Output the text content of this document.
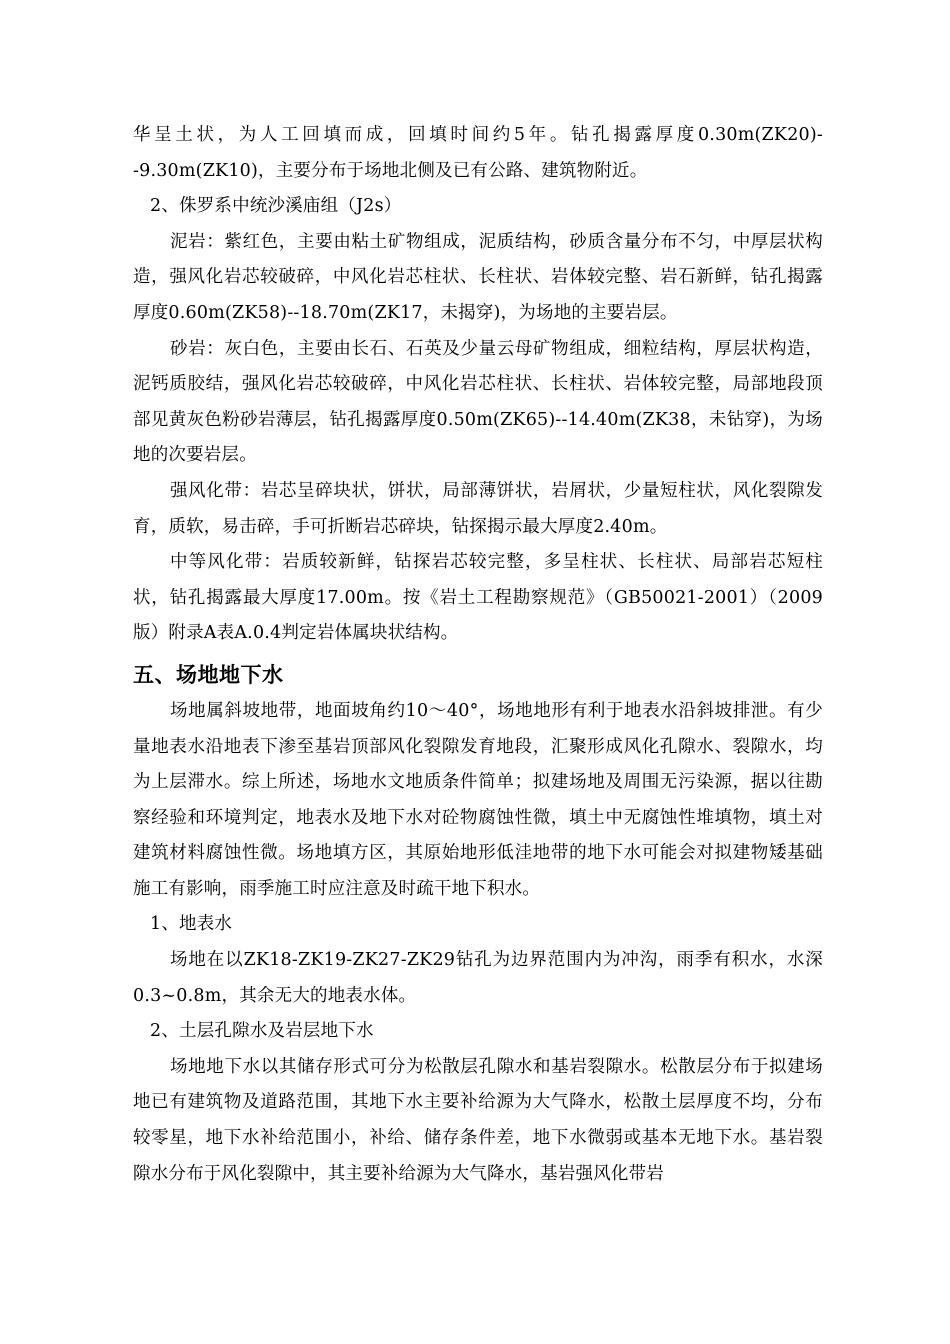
华呈土状，为人工回填而成，回填时间约5年。钻孔揭露厚度0.30m(ZK20)--9.30m(ZK10)，主要分布于场地北侧及已有公路、建筑物附近。

2、侏罗系中统沙溪庙组（J2s）

泥岩：紫红色，主要由粘土矿物组成，泥质结构，砂质含量分布不匀，中厚层状构造，强风化岩芯较破碎，中风化岩芯柱状、长柱状、岩体较完整、岩石新鲜，钻孔揭露厚度0.60m(ZK58)--18.70m(ZK17，未揭穿)，为场地的主要岩层。

砂岩：灰白色，主要由长石、石英及少量云母矿物组成，细粒结构，厚层状构造，泥钙质胶结，强风化岩芯较破碎，中风化岩芯柱状、长柱状、岩体较完整，局部地段顶部见黄灰色粉砂岩薄层，钻孔揭露厚度0.50m(ZK65)--14.40m(ZK38，未钻穿)，为场地的次要岩层。

强风化带：岩芯呈碎块状，饼状，局部薄饼状，岩屑状，少量短柱状，风化裂隙发育，质软，易击碎，手可折断岩芯碎块，钻探揭示最大厚度2.40m。

中等风化带：岩质较新鲜，钻探岩芯较完整，多呈柱状、长柱状、局部岩芯短柱状，钻孔揭露最大厚度17.00m。按《岩土工程勘察规范》（GB50021-2001）（2009版）附录A表A.0.4判定岩体属块状结构。

五、场地地下水

场地属斜坡地带，地面坡角约10～40°，场地地形有利于地表水沿斜坡排泄。有少量地表水沿地表下渗至基岩顶部风化裂隙发育地段，汇聚形成风化孔隙水、裂隙水，均为上层滞水。综上所述，场地水文地质条件简单；拟建场地及周围无污染源，据以往勘察经验和环境判定，地表水及地下水对砼物腐蚀性微，填土中无腐蚀性堆填物，填土对建筑材料腐蚀性微。场地填方区，其原始地形低洼地带的地下水可能会对拟建物矮基础施工有影响，雨季施工时应注意及时疏干地下积水。

1、地表水

场地在以ZK18-ZK19-ZK27-ZK29钻孔为边界范围内为冲沟，雨季有积水，水深0.3~0.8m，其余无大的地表水体。

2、土层孔隙水及岩层地下水

场地地下水以其储存形式可分为松散层孔隙水和基岩裂隙水。松散层分布于拟建场地已有建筑物及道路范围，其地下水主要补给源为大气降水，松散土层厚度不均，分布较零星，地下水补给范围小，补给、储存条件差，地下水微弱或基本无地下水。基岩裂隙水分布于风化裂隙中，其主要补给源为大气降水，基岩强风化带岩
